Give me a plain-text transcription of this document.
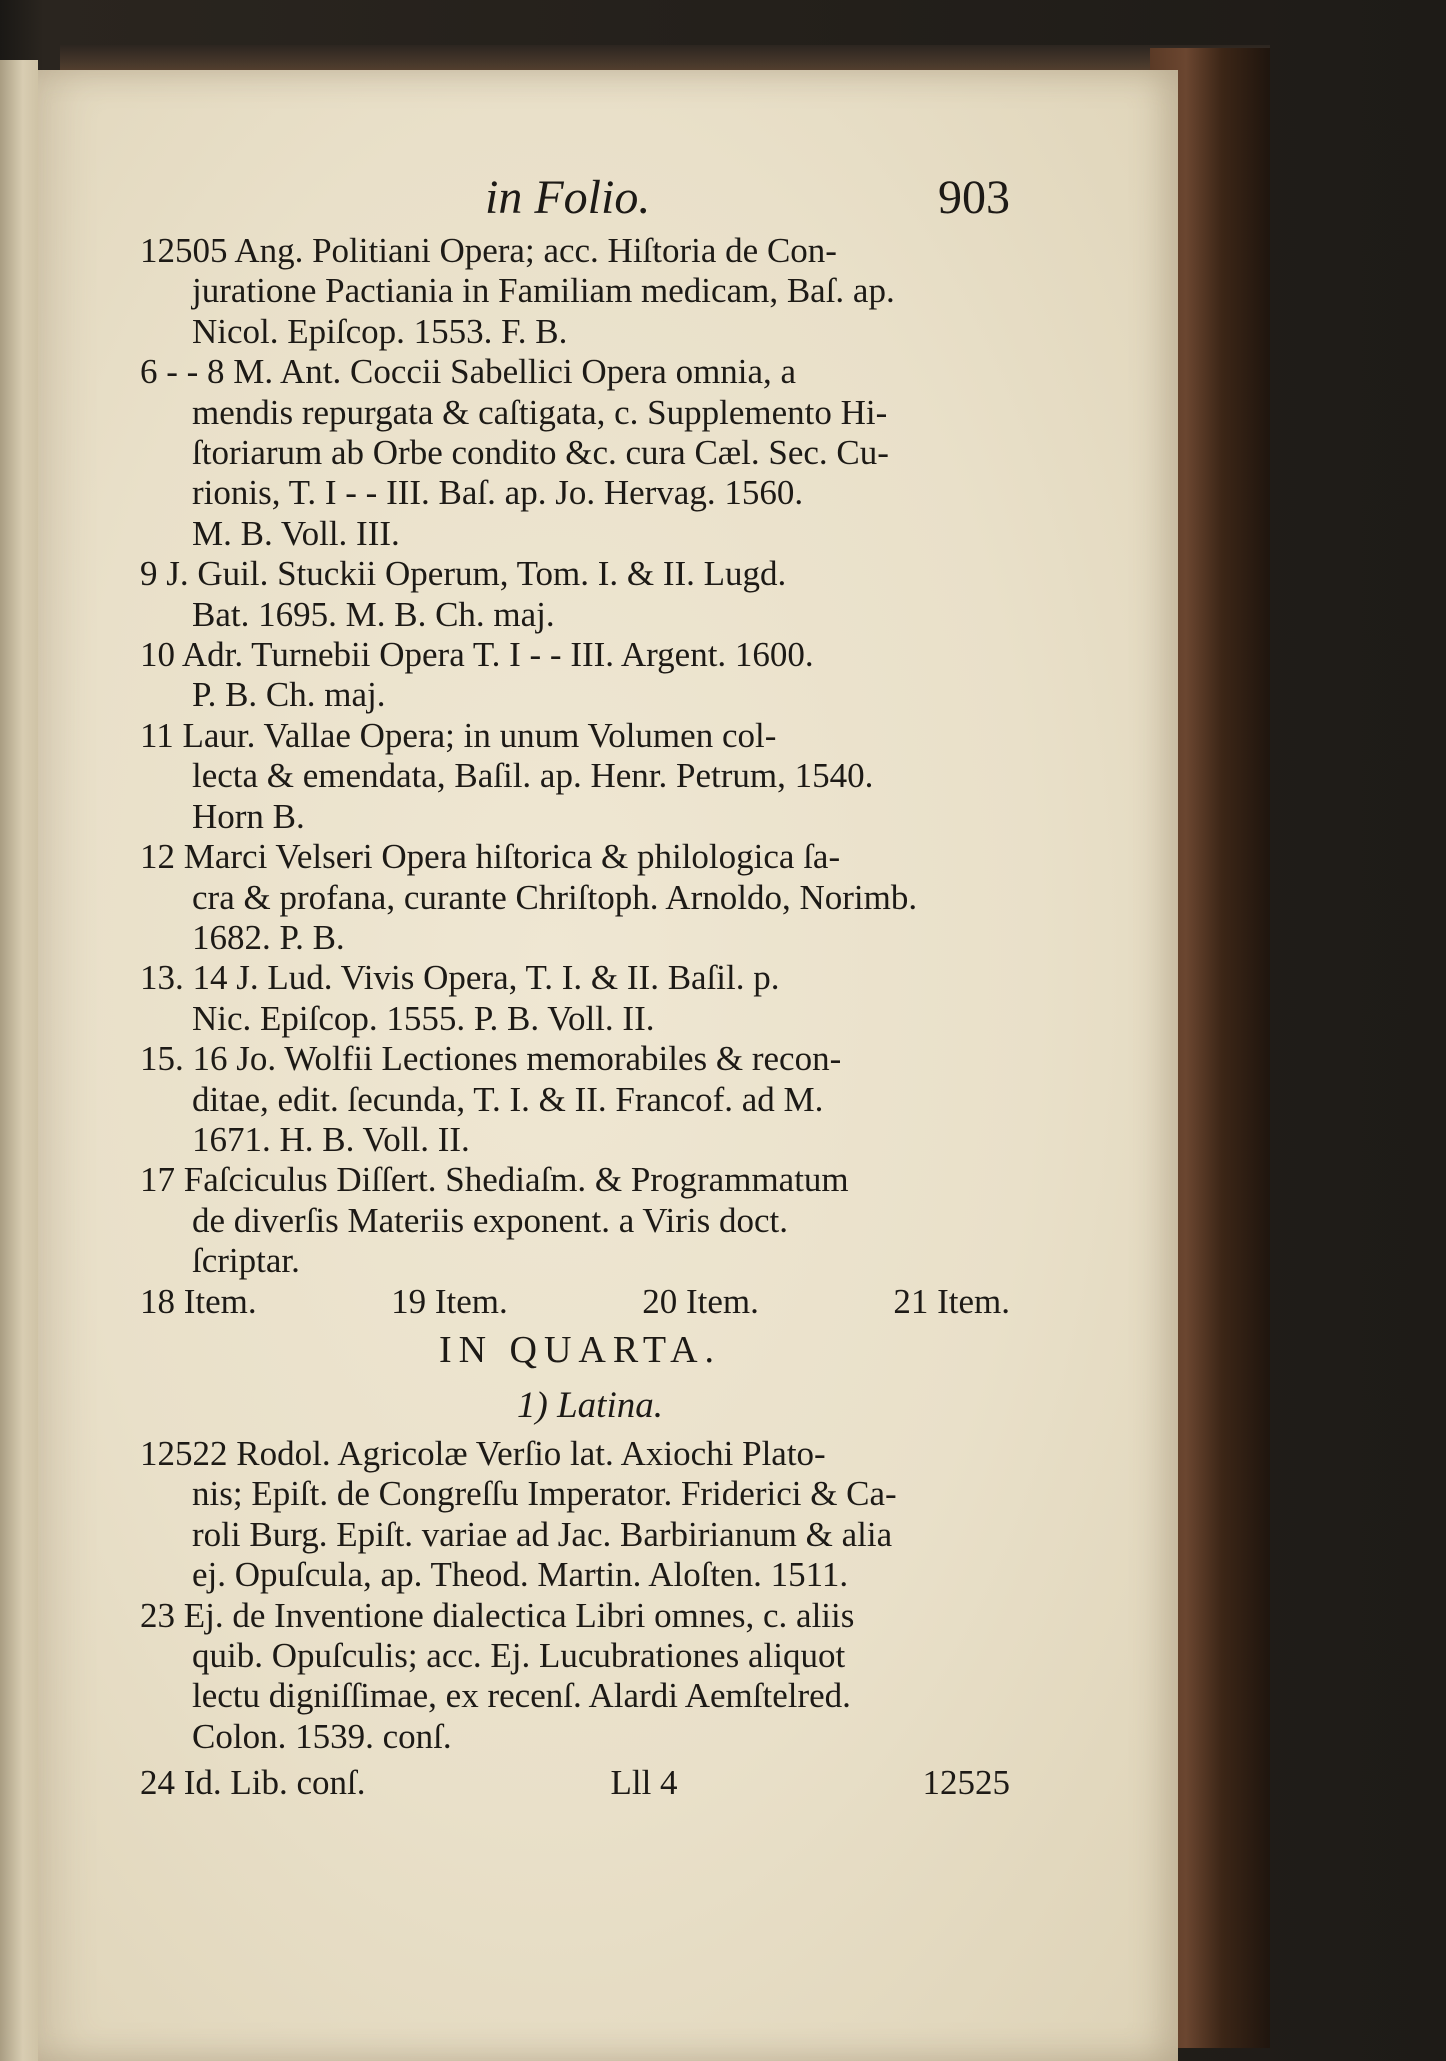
in Folio.	903

12505 Ang. Politiani Opera; acc. Hiſtoria de Con-
juratione Pactiania in Familiam medicam, Baſ. ap.
Nicol. Epiſcop. 1553. F. B.

6 - - 8 M. Ant. Coccii Sabellici Opera omnia, a
mendis repurgata & caſtigata, c. Supplemento Hi-
ſtoriarum ab Orbe condito &c. cura Cæl. Sec. Cu-
rionis, T. I - - III. Baſ. ap. Jo. Hervag. 1560.
M. B. Voll. III.

9 J. Guil. Stuckii Operum, Tom. I. & II. Lugd.
Bat. 1695. M. B. Ch. maj.

10 Adr. Turnebii Opera T. I - - III. Argent. 1600.
P. B. Ch. maj.

11 Laur. Vallae Opera; in unum Volumen col-
lecta & emendata, Baſil. ap. Henr. Petrum, 1540.
Horn B.

12 Marci Velseri Opera hiſtorica & philologica ſa-
cra & profana, curante Chriſtoph. Arnoldo, Norimb.
1682. P. B.

13. 14 J. Lud. Vivis Opera, T. I. & II. Baſil. p.
Nic. Epiſcop. 1555. P. B. Voll. II.

15. 16 Jo. Wolfii Lectiones memorabiles & recon-
ditae, edit. ſecunda, T. I. & II. Francof. ad M.
1671. H. B. Voll. II.

17 Faſciculus Diſſert. Shediaſm. & Programmatum
de diverſis Materiis exponent. a Viris doct.
ſcriptar.

18 Item.	19 Item.	20 Item.	21 Item.

IN QUARTA.

1) Latina.

12522 Rodol. Agricolæ Verſio lat. Axiochi Plato-
nis; Epiſt. de Congreſſu Imperator. Friderici & Ca-
roli Burg. Epiſt. variae ad Jac. Barbirianum & alia
ej. Opuſcula, ap. Theod. Martin. Aloſten. 1511.

23 Ej. de Inventione dialectica Libri omnes, c. aliis
quib. Opuſculis; acc. Ej. Lucubrationes aliquot
lectu digniſſimae, ex recenſ. Alardi Aemſtelred.
Colon. 1539. conſ.

24 Id. Lib. conſ.	Lll 4	12525
